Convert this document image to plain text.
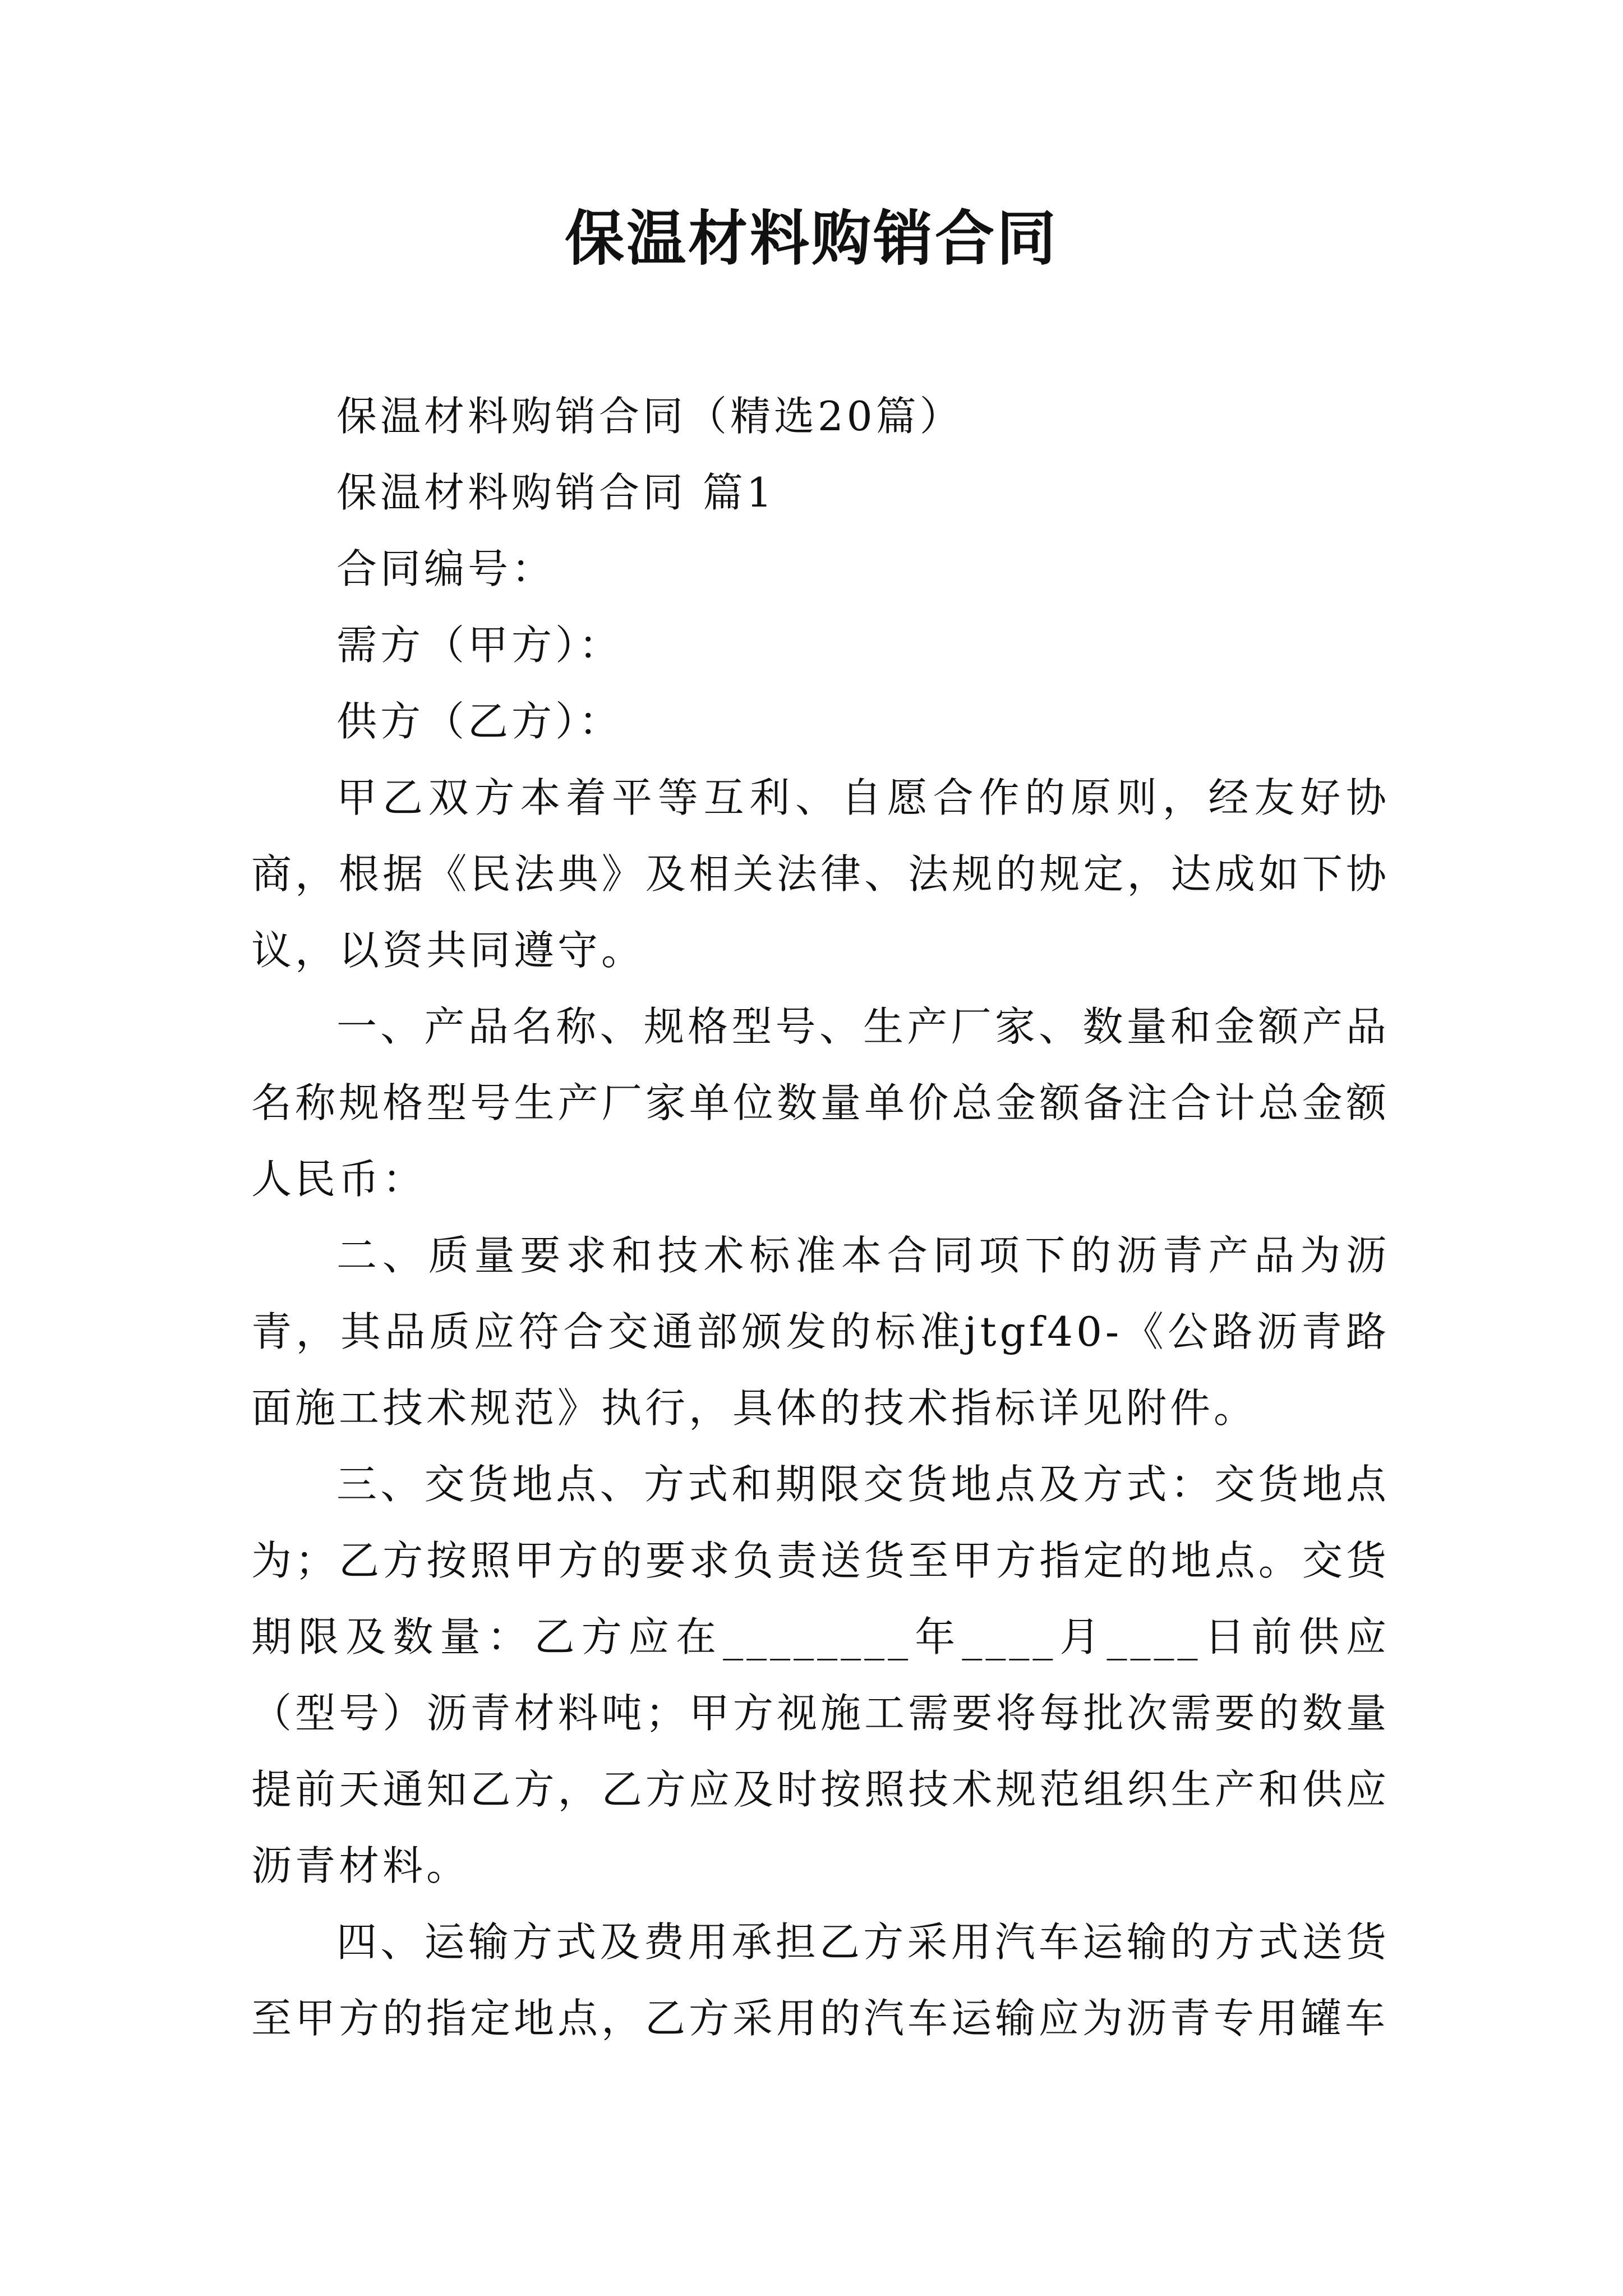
保温材料购销合同

保温材料购销合同（精选20篇）

保温材料购销合同 篇1

合同编号：

需方（甲方）：

供方（乙方）：

甲乙双方本着平等互利、自愿合作的原则，经友好协商，根据《民法典》及相关法律、法规的规定，达成如下协议，以资共同遵守。

一、产品名称、规格型号、生产厂家、数量和金额产品名称规格型号生产厂家单位数量单价总金额备注合计总金额人民币：

二、质量要求和技术标准本合同项下的沥青产品为沥青，其品质应符合交通部颁发的标准jtgf40-《公路沥青路面施工技术规范》执行，具体的技术指标详见附件。

三、交货地点、方式和期限交货地点及方式：交货地点为；乙方按照甲方的要求负责送货至甲方指定的地点。交货期限及数量：乙方应在________年____月____日前供应（型号）沥青材料吨；甲方视施工需要将每批次需要的数量提前天通知乙方，乙方应及时按照技术规范组织生产和供应沥青材料。

四、运输方式及费用承担乙方采用汽车运输的方式送货至甲方的指定地点，乙方采用的汽车运输应为沥青专用罐车
